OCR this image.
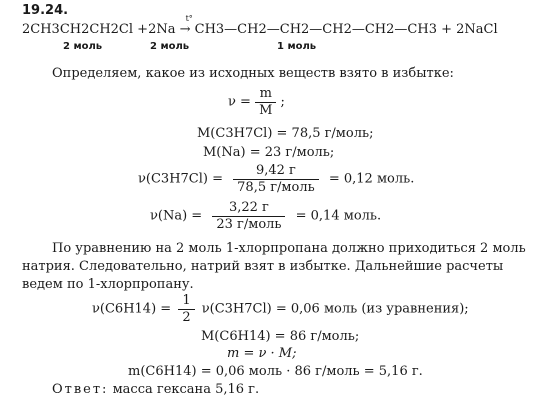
19.24.
2CH3CH2CH2Cl +2Na →
t°
CH3—CH2—CH2—CH2—CH2—CH3 + 2NaCl
2 моль	2 моль	1 моль
Определяем, какое из исходных веществ взято в избытке:
$\nu = \frac{m}{M}$ ;
M(C3H7Cl) = 78,5 г/моль;
M(Na) = 23 г/моль;
$\nu(C3H7Cl) = \frac{9,42 г}{\text{78,5 г/моль}} = 0,12$ моль.
$\nu(Na) = \frac{3,22 г}{\text{23 г/моль}} = 0,14$ моль.
По уравнению на 2 моль 1-хлорпропана должно приходиться 2 моль
натрия. Следовательно, натрий взят в избытке. Дальнейшие расчеты
ведем по 1-хлорпропану.
$\nu(C6H14) = \frac{1}{2} \nu(C3H7Cl) = 0,06$ моль (из уравнения);
M(C6H14) = 86 г/моль;
m = ν · M;
m(C6H14) = 0,06 моль · 86 г/моль = 5,16 г.
Ответ: масса гексана 5,16 г.
